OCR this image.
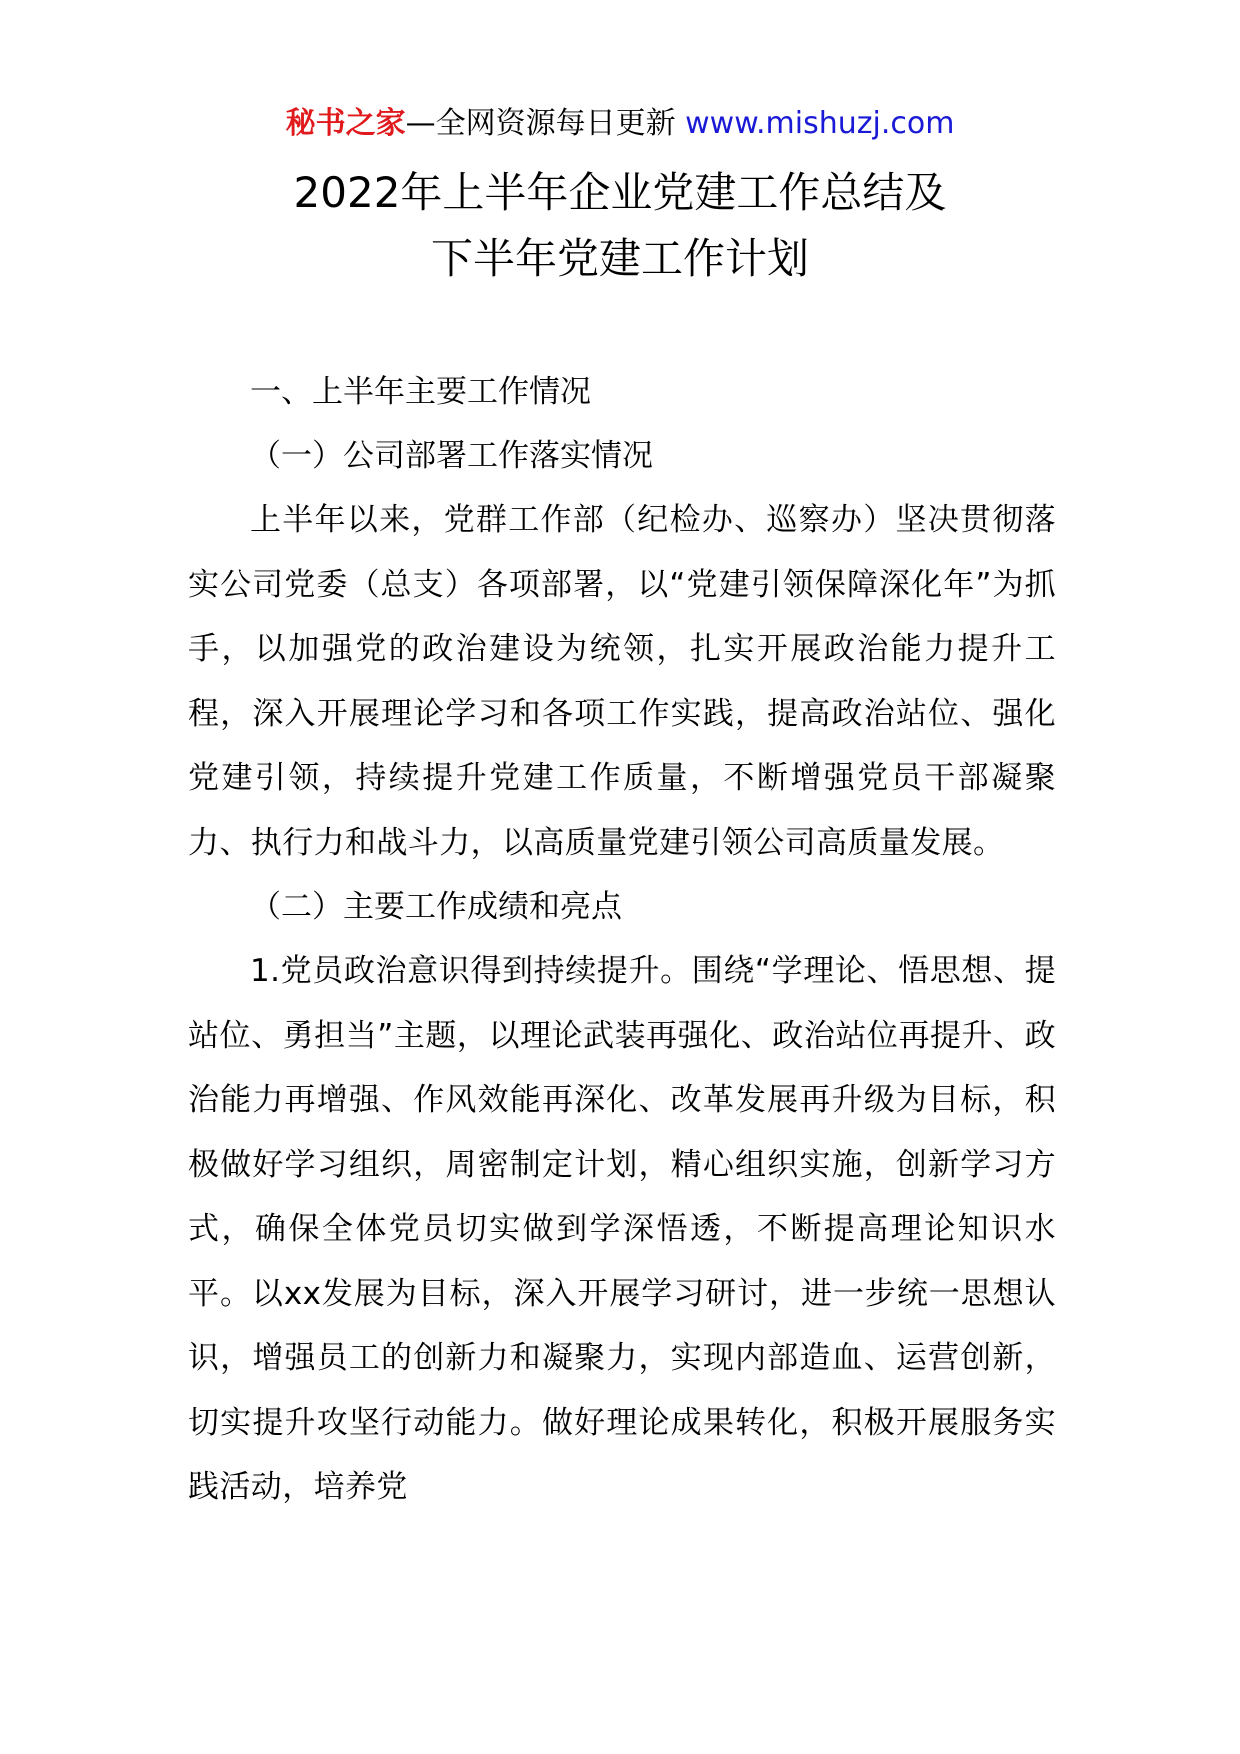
秘书之家—全网资源每日更新 www.mishuzj.com
2022年上半年企业党建工作总结及
下半年党建工作计划

一、上半年主要工作情况

（一）公司部署工作落实情况

上半年以来，党群工作部（纪检办、巡察办）坚决贯彻落实公司党委（总支）各项部署，以“党建引领保障深化年”为抓手，以加强党的政治建设为统领，扎实开展政治能力提升工程，深入开展理论学习和各项工作实践，提高政治站位、强化党建引领，持续提升党建工作质量，不断增强党员干部凝聚力、执行力和战斗力，以高质量党建引领公司高质量发展。

（二）主要工作成绩和亮点

1.党员政治意识得到持续提升。围绕“学理论、悟思想、提站位、勇担当”主题，以理论武装再强化、政治站位再提升、政治能力再增强、作风效能再深化、改革发展再升级为目标，积极做好学习组织，周密制定计划，精心组织实施，创新学习方式，确保全体党员切实做到学深悟透，不断提高理论知识水平。以xx发展为目标，深入开展学习研讨，进一步统一思想认识，增强员工的创新力和凝聚力，实现内部造血、运营创新，切实提升攻坚行动能力。做好理论成果转化，积极开展服务实践活动，培养党
